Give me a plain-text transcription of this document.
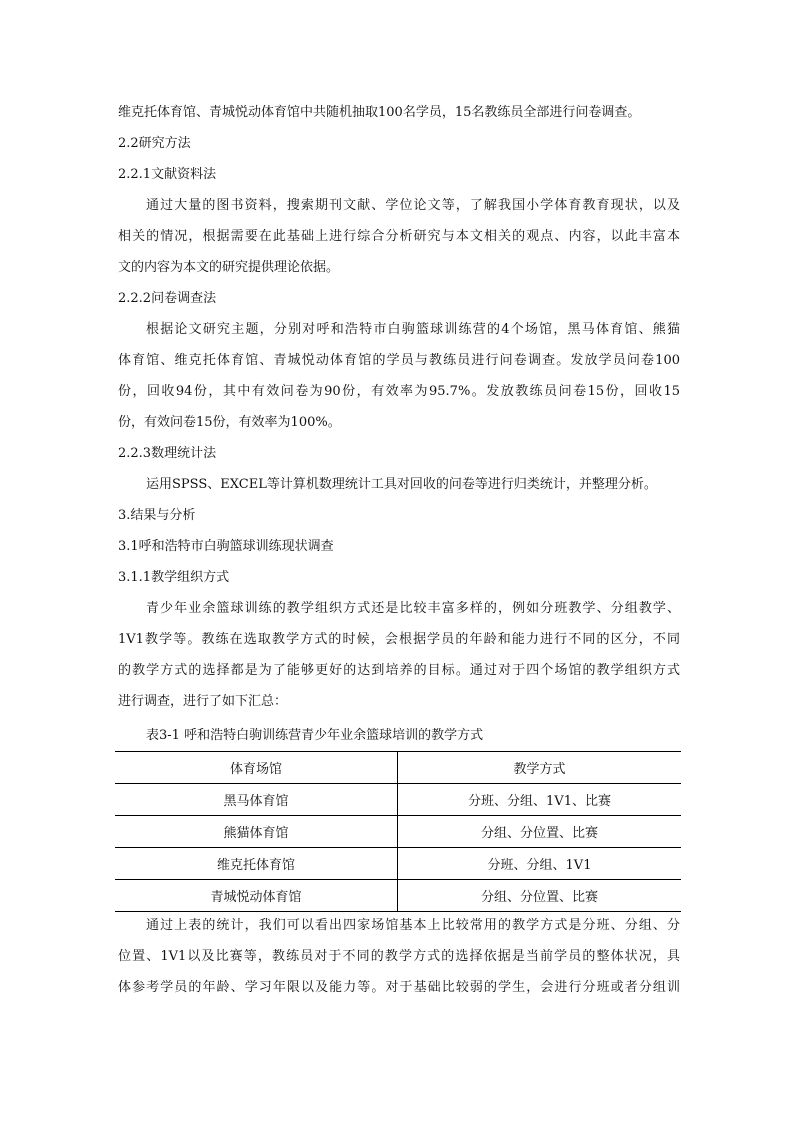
维克托体育馆、青城悦动体育馆中共随机抽取100名学员，15名教练员全部进行问卷调查。
2.2研究方法
2.2.1文献资料法
通过大量的图书资料，搜索期刊文献、学位论文等，了解我国小学体育教育现状，以及
相关的情况，根据需要在此基础上进行综合分析研究与本文相关的观点、内容，以此丰富本
文的内容为本文的研究提供理论依据。
2.2.2问卷调查法
根据论文研究主题，分别对呼和浩特市白驹篮球训练营的4个场馆，黑马体育馆、熊猫
体育馆、维克托体育馆、青城悦动体育馆的学员与教练员进行问卷调查。发放学员问卷100
份，回收94份，其中有效问卷为90份，有效率为95.7%。发放教练员问卷15份，回收15
份，有效问卷15份，有效率为100%。
2.2.3数理统计法
运用SPSS、EXCEL等计算机数理统计工具对回收的问卷等进行归类统计，并整理分析。
3.结果与分析
3.1呼和浩特市白驹篮球训练现状调查
3.1.1教学组织方式
青少年业余篮球训练的教学组织方式还是比较丰富多样的，例如分班教学、分组教学、
1V1教学等。教练在选取教学方式的时候，会根据学员的年龄和能力进行不同的区分，不同
的教学方式的选择都是为了能够更好的达到培养的目标。通过对于四个场馆的教学组织方式
进行调查，进行了如下汇总：
表3-1 呼和浩特白驹训练营青少年业余篮球培训的教学方式
体育场馆	教学方式
黑马体育馆	分班、分组、1V1、比赛
熊猫体育馆	分组、分位置、比赛
维克托体育馆	分班、分组、1V1
青城悦动体育馆	分组、分位置、比赛
通过上表的统计，我们可以看出四家场馆基本上比较常用的教学方式是分班、分组、分
位置、1V1以及比赛等，教练员对于不同的教学方式的选择依据是当前学员的整体状况，具
体参考学员的年龄、学习年限以及能力等。对于基础比较弱的学生，会进行分班或者分组训
